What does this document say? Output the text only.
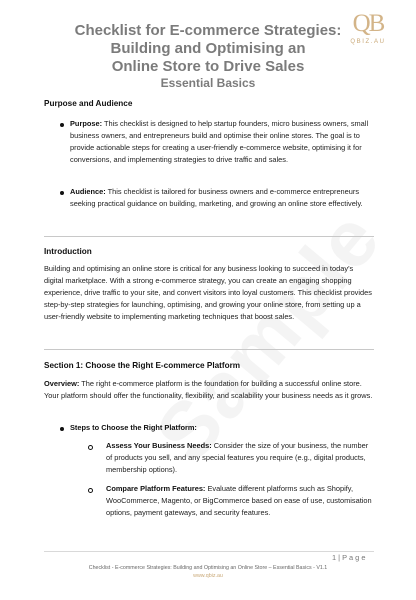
QB
QBIZ.AU
Checklist for E-commerce Strategies:
Building and Optimising an
Online Store to Drive Sales
Essential Basics
Purpose and Audience
Purpose: This checklist is designed to help startup founders, micro business owners, small business owners, and entrepreneurs build and optimise their online stores. The goal is to provide actionable steps for creating a user-friendly e-commerce website, optimising it for conversions, and implementing strategies to drive traffic and sales.
Audience: This checklist is tailored for business owners and e-commerce entrepreneurs seeking practical guidance on building, marketing, and growing an online store effectively.
Introduction
Building and optimising an online store is critical for any business looking to succeed in today’s digital marketplace. With a strong e-commerce strategy, you can create an engaging shopping experience, drive traffic to your site, and convert visitors into loyal customers. This checklist provides step-by-step strategies for launching, optimising, and growing your online store, from setting up a user-friendly website to implementing marketing techniques that boost sales.
Section 1: Choose the Right E-commerce Platform
Overview: The right e-commerce platform is the foundation for building a successful online store. Your platform should offer the functionality, flexibility, and scalability your business needs as it grows.
Steps to Choose the Right Platform:
Assess Your Business Needs: Consider the size of your business, the number of products you sell, and any special features you require (e.g., digital products, membership options).
Compare Platform Features: Evaluate different platforms such as Shopify, WooCommerce, Magento, or BigCommerce based on ease of use, customisation options, payment gateways, and security features.
1 | P a g e
Checklist - E-commerce Strategies: Building and Optimising an Online Store – Essential Basics - V1.1
www.qbiz.au
